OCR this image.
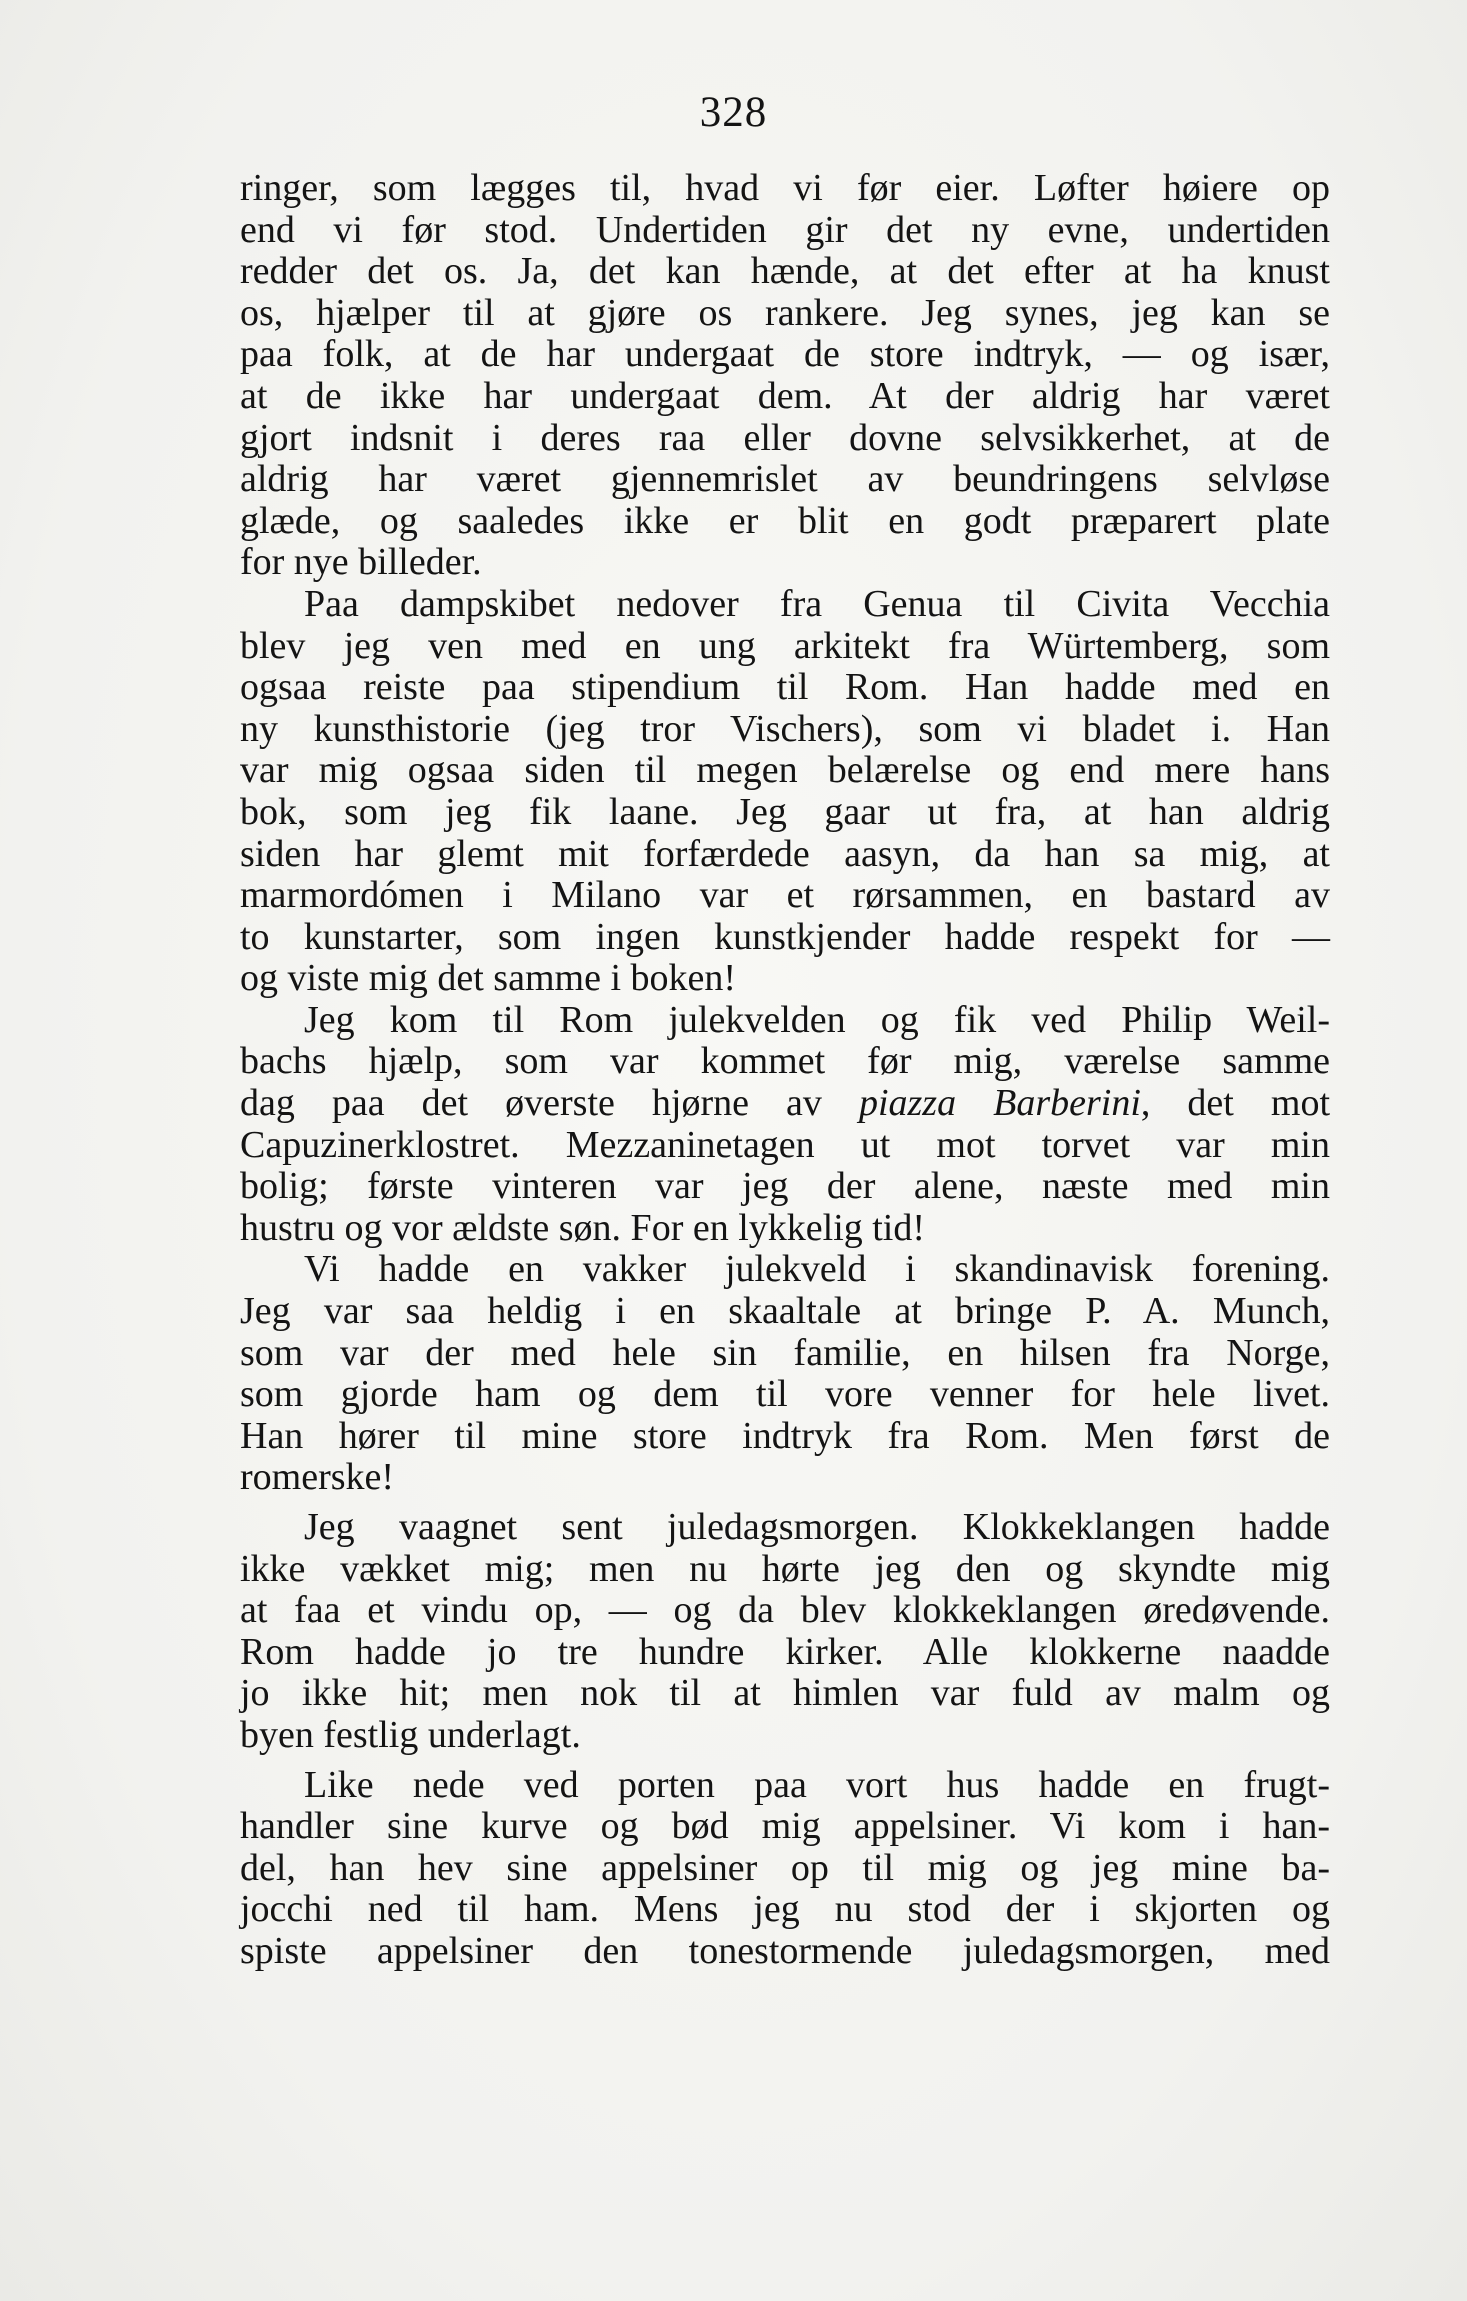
328
ringer, som lægges til, hvad vi før eier. Løfter høiere op
end vi før stod. Undertiden gir det ny evne, undertiden
redder det os. Ja, det kan hænde, at det efter at ha knust
os, hjælper til at gjøre os rankere. Jeg synes, jeg kan se
paa folk, at de har undergaat de store indtryk, — og især,
at de ikke har undergaat dem. At der aldrig har været
gjort indsnit i deres raa eller dovne selvsikkerhet, at de
aldrig har været gjennemrislet av beundringens selvløse
glæde, og saaledes ikke er blit en godt præparert plate
for nye billeder.
Paa dampskibet nedover fra Genua til Civita Vecchia
blev jeg ven med en ung arkitekt fra Würtemberg, som
ogsaa reiste paa stipendium til Rom. Han hadde med en
ny kunsthistorie (jeg tror Vischers), som vi bladet i. Han
var mig ogsaa siden til megen belærelse og end mere hans
bok, som jeg fik laane. Jeg gaar ut fra, at han aldrig
siden har glemt mit forfærdede aasyn, da han sa mig, at
marmordómen i Milano var et rørsammen, en bastard av
to kunstarter, som ingen kunstkjender hadde respekt for —
og viste mig det samme i boken!
Jeg kom til Rom julekvelden og fik ved Philip Weil-
bachs hjælp, som var kommet før mig, værelse samme
dag paa det øverste hjørne av piazza Barberini, det mot
Capuzinerklostret. Mezzaninetagen ut mot torvet var min
bolig; første vinteren var jeg der alene, næste med min
hustru og vor ældste søn. For en lykkelig tid!
Vi hadde en vakker julekveld i skandinavisk forening.
Jeg var saa heldig i en skaaltale at bringe P. A. Munch,
som var der med hele sin familie, en hilsen fra Norge,
som gjorde ham og dem til vore venner for hele livet.
Han hører til mine store indtryk fra Rom. Men først de
romerske!
Jeg vaagnet sent juledagsmorgen. Klokkeklangen hadde
ikke vækket mig; men nu hørte jeg den og skyndte mig
at faa et vindu op, — og da blev klokkeklangen øredøvende.
Rom hadde jo tre hundre kirker. Alle klokkerne naadde
jo ikke hit; men nok til at himlen var fuld av malm og
byen festlig underlagt.
Like nede ved porten paa vort hus hadde en frugt-
handler sine kurve og bød mig appelsiner. Vi kom i han-
del, han hev sine appelsiner op til mig og jeg mine ba-
jocchi ned til ham. Mens jeg nu stod der i skjorten og
spiste appelsiner den tonestormende juledagsmorgen, med
